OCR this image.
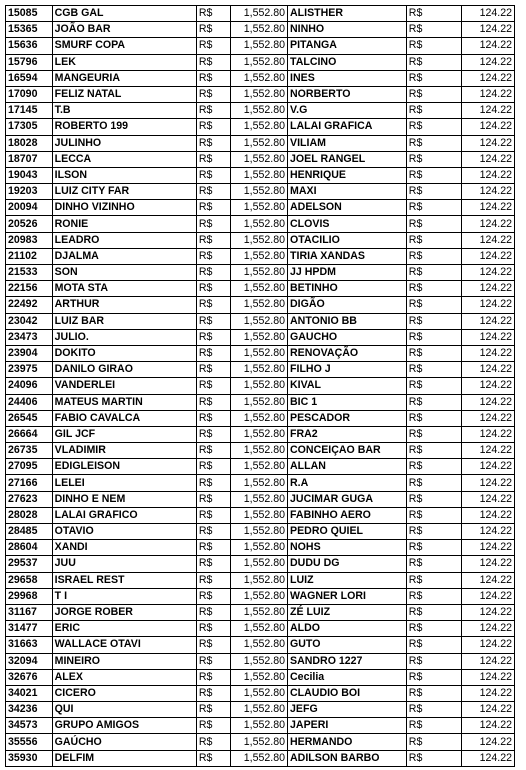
15085	CGB GAL	R$	1,552.80	ALISTHER	R$	124.22
15365	JOÃO BAR	R$	1,552.80	NINHO	R$	124.22
15636	SMURF COPA	R$	1,552.80	PITANGA	R$	124.22
15796	LEK	R$	1,552.80	TALCINO	R$	124.22
16594	MANGEURIA	R$	1,552.80	INES	R$	124.22
17090	FELIZ NATAL	R$	1,552.80	NORBERTO	R$	124.22
17145	T.B	R$	1,552.80	V.G	R$	124.22
17305	ROBERTO 199	R$	1,552.80	LALAI GRAFICA	R$	124.22
18028	JULINHO	R$	1,552.80	VILIAM	R$	124.22
18707	LECCA	R$	1,552.80	JOEL RANGEL	R$	124.22
19043	ILSON	R$	1,552.80	HENRIQUE	R$	124.22
19203	LUIZ CITY FAR	R$	1,552.80	MAXI	R$	124.22
20094	DINHO VIZINHO	R$	1,552.80	ADELSON	R$	124.22
20526	RONIE	R$	1,552.80	CLOVIS	R$	124.22
20983	LEADRO	R$	1,552.80	OTACILIO	R$	124.22
21102	DJALMA	R$	1,552.80	TIRIA XANDAS	R$	124.22
21533	SON	R$	1,552.80	JJ HPDM	R$	124.22
22156	MOTA STA	R$	1,552.80	BETINHO	R$	124.22
22492	ARTHUR	R$	1,552.80	DIGÃO	R$	124.22
23042	LUIZ BAR	R$	1,552.80	ANTONIO BB	R$	124.22
23473	JULIO.	R$	1,552.80	GAUCHO	R$	124.22
23904	DOKITO	R$	1,552.80	RENOVAÇÃO	R$	124.22
23975	DANILO GIRAO	R$	1,552.80	FILHO J	R$	124.22
24096	VANDERLEI	R$	1,552.80	KIVAL	R$	124.22
24406	MATEUS MARTIN	R$	1,552.80	BIC 1	R$	124.22
26545	FABIO CAVALCA	R$	1,552.80	PESCADOR	R$	124.22
26664	GIL JCF	R$	1,552.80	FRA2	R$	124.22
26735	VLADIMIR	R$	1,552.80	CONCEIÇAO BAR	R$	124.22
27095	EDIGLEISON	R$	1,552.80	ALLAN	R$	124.22
27166	LELEI	R$	1,552.80	R.A	R$	124.22
27623	DINHO E NEM	R$	1,552.80	JUCIMAR GUGA	R$	124.22
28028	LALAI GRAFICO	R$	1,552.80	FABINHO AERO	R$	124.22
28485	OTAVIO	R$	1,552.80	PEDRO QUIEL	R$	124.22
28604	XANDI	R$	1,552.80	NOHS	R$	124.22
29537	JUU	R$	1,552.80	DUDU DG	R$	124.22
29658	ISRAEL REST	R$	1,552.80	LUIZ	R$	124.22
29968	T I	R$	1,552.80	WAGNER LORI	R$	124.22
31167	JORGE ROBER	R$	1,552.80	ZÉ LUIZ	R$	124.22
31477	ERIC	R$	1,552.80	ALDO	R$	124.22
31663	WALLACE OTAVI	R$	1,552.80	GUTO	R$	124.22
32094	MINEIRO	R$	1,552.80	SANDRO 1227	R$	124.22
32676	ALEX	R$	1,552.80	Cecilia	R$	124.22
34021	CICERO	R$	1,552.80	CLAUDIO BOI	R$	124.22
34236	QUI	R$	1,552.80	JEFG	R$	124.22
34573	GRUPO AMIGOS	R$	1,552.80	JAPERI	R$	124.22
35556	GAÚCHO	R$	1,552.80	HERMANDO	R$	124.22
35930	DELFIM	R$	1,552.80	ADILSON BARBO	R$	124.22
